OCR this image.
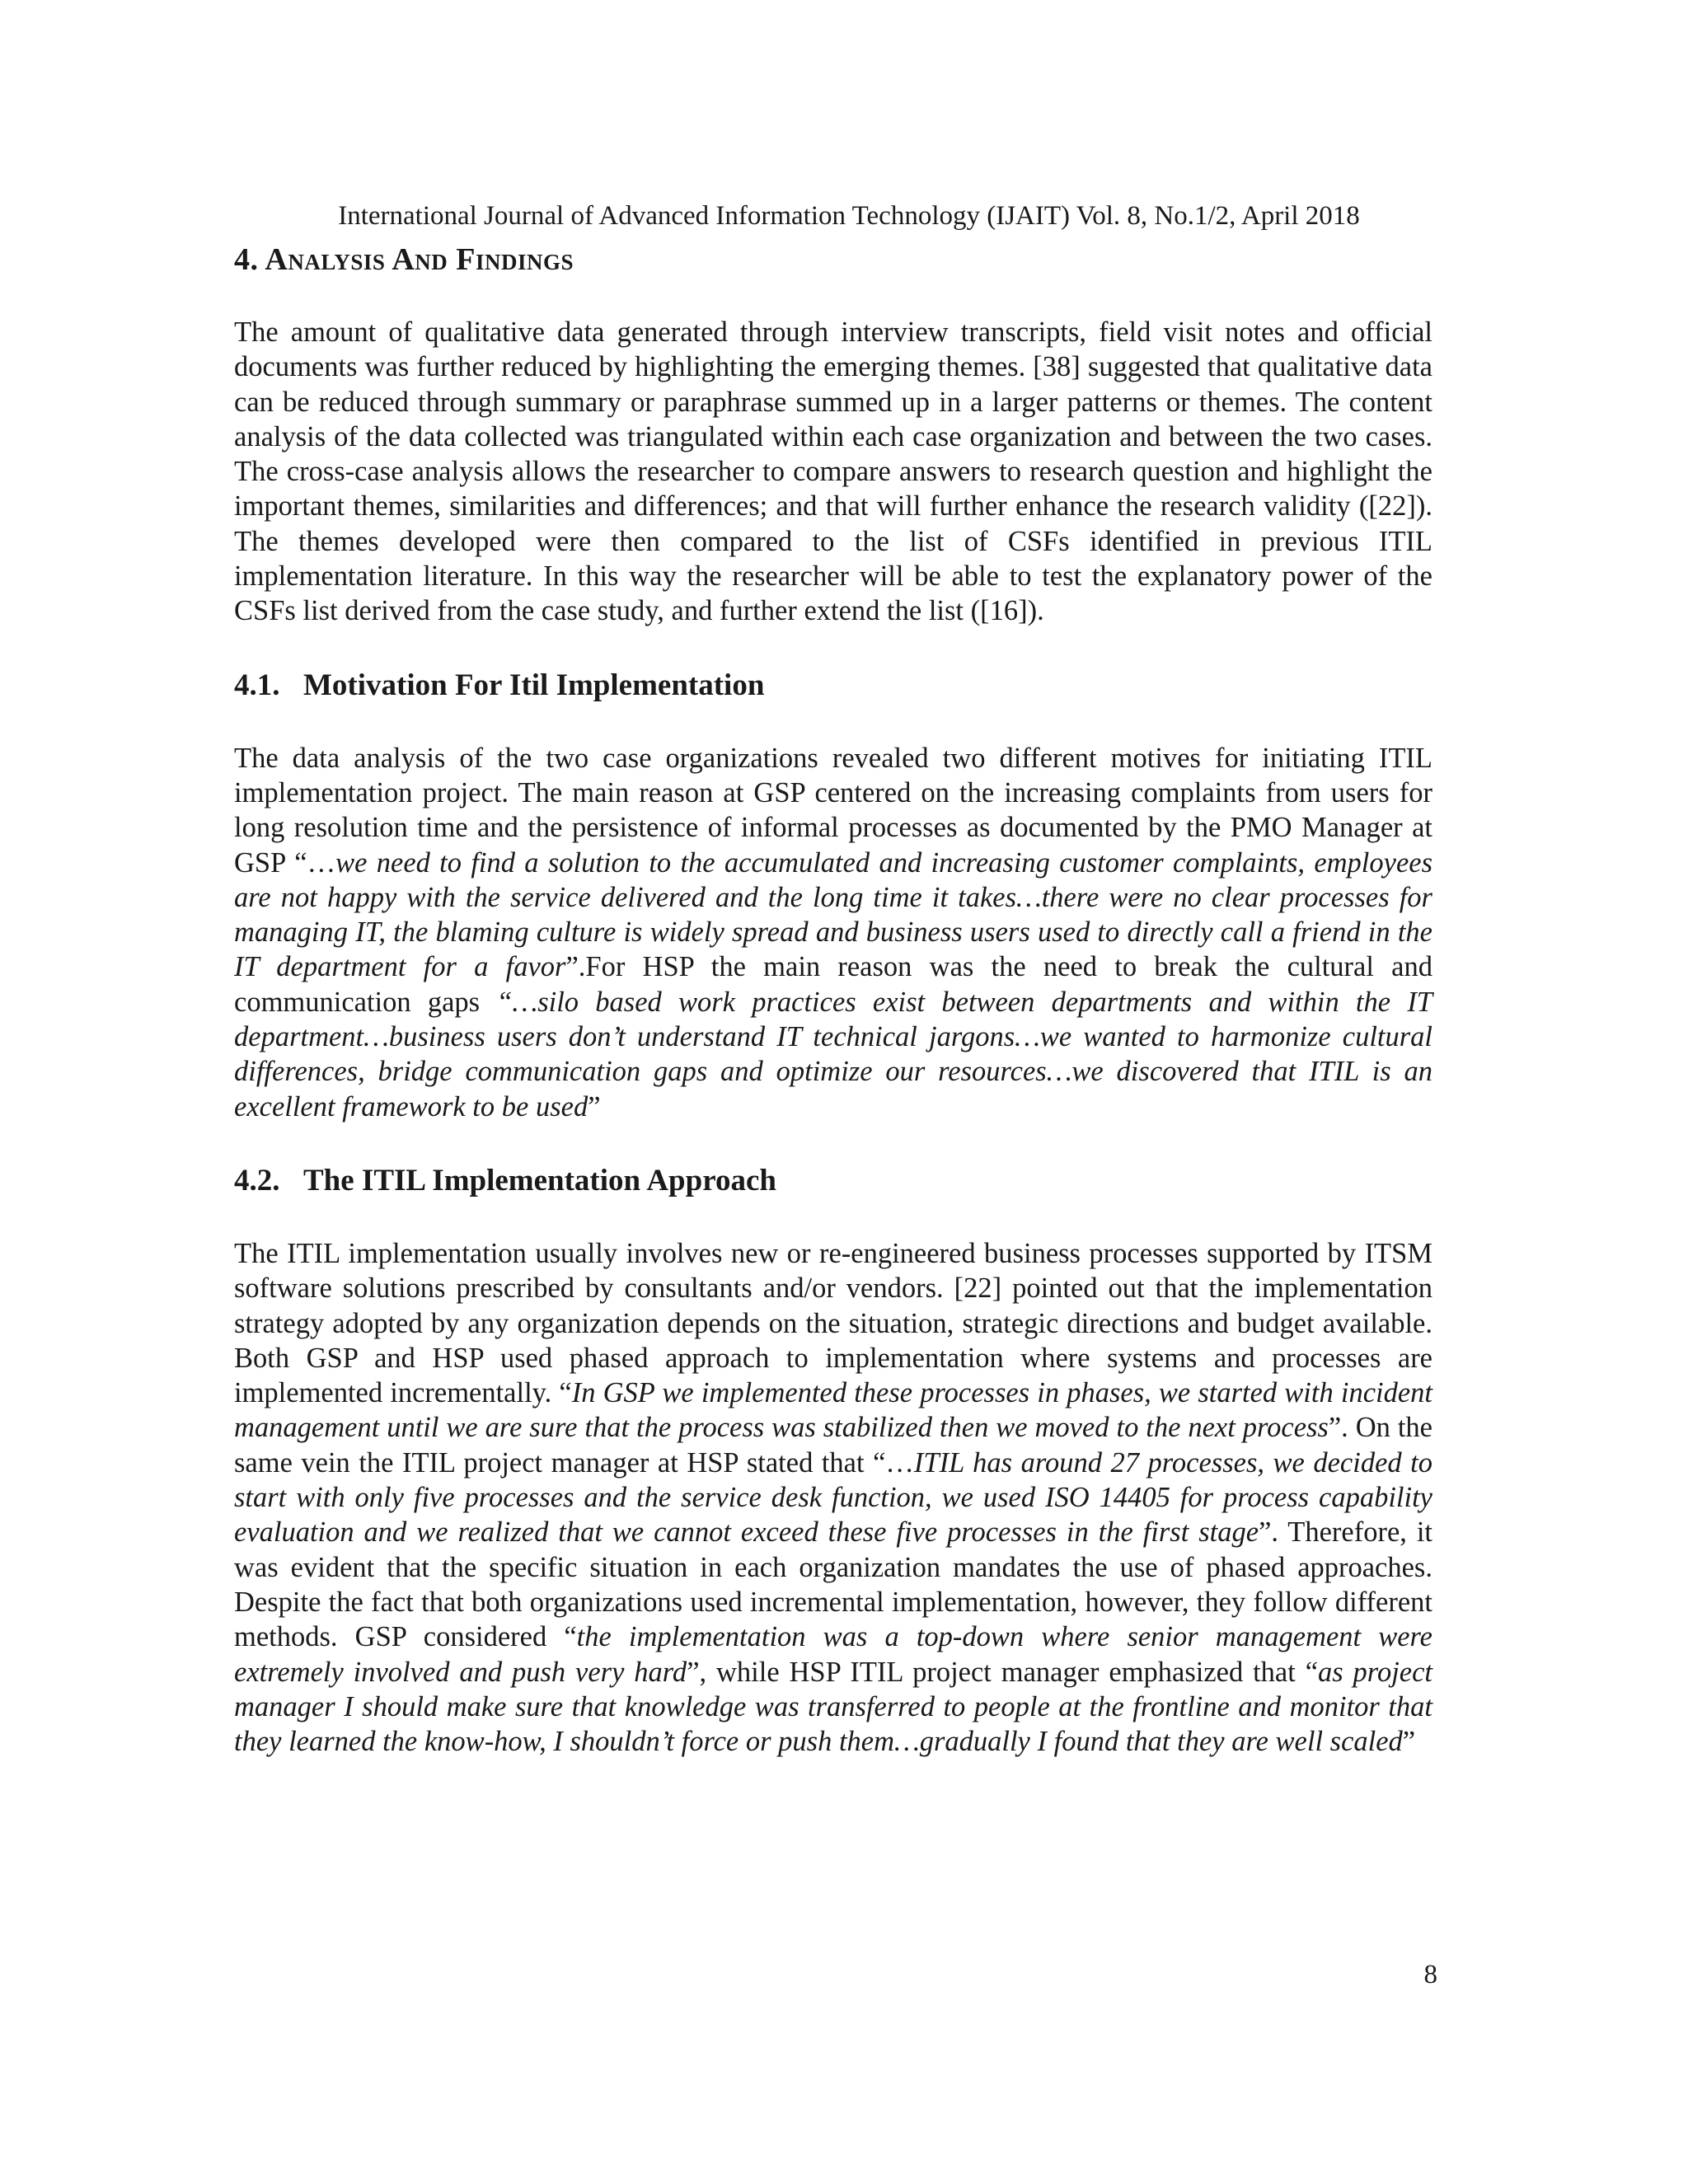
International Journal of Advanced Information Technology (IJAIT) Vol. 8, No.1/2, April 2018
4. Analysis And Findings

The amount of qualitative data generated through interview transcripts, field visit notes and official documents was further reduced by highlighting the emerging themes. [38] suggested that qualitative data can be reduced through summary or paraphrase summed up in a larger patterns or themes. The content analysis of the data collected was triangulated within each case organization and between the two cases. The cross-case analysis allows the researcher to compare answers to research question and highlight the important themes, similarities and differences; and that will further enhance the research validity ([22]). The themes developed were then compared to the list of CSFs identified in previous ITIL implementation literature. In this way the researcher will be able to test the explanatory power of the CSFs list derived from the case study, and further extend the list ([16]).

4.1. Motivation For Itil Implementation

The data analysis of the two case organizations revealed two different motives for initiating ITIL implementation project. The main reason at GSP centered on the increasing complaints from users for long resolution time and the persistence of informal processes as documented by the PMO Manager at GSP “…we need to find a solution to the accumulated and increasing customer complaints, employees are not happy with the service delivered and the long time it takes…there were no clear processes for managing IT, the blaming culture is widely spread and business users used to directly call a friend in the IT department for a favor”.For HSP the main reason was the need to break the cultural and communication gaps “…silo based work practices exist between departments and within the IT department…business users don’t understand IT technical jargons…we wanted to harmonize cultural differences, bridge communication gaps and optimize our resources…we discovered that ITIL is an excellent framework to be used”

4.2. The ITIL Implementation Approach

The ITIL implementation usually involves new or re-engineered business processes supported by ITSM software solutions prescribed by consultants and/or vendors. [22] pointed out that the implementation strategy adopted by any organization depends on the situation, strategic directions and budget available. Both GSP and HSP used phased approach to implementation where systems and processes are implemented incrementally. “In GSP we implemented these processes in phases, we started with incident management until we are sure that the process was stabilized then we moved to the next process”. On the same vein the ITIL project manager at HSP stated that “…ITIL has around 27 processes, we decided to start with only five processes and the service desk function, we used ISO 14405 for process capability evaluation and we realized that we cannot exceed these five processes in the first stage”. Therefore, it was evident that the specific situation in each organization mandates the use of phased approaches. Despite the fact that both organizations used incremental implementation, however, they follow different methods. GSP considered “the implementation was a top-down where senior management were extremely involved and push very hard”, while HSP ITIL project manager emphasized that “as project manager I should make sure that knowledge was transferred to people at the frontline and monitor that they learned the know-how, I shouldn’t force or push them…gradually I found that they are well scaled”

8
